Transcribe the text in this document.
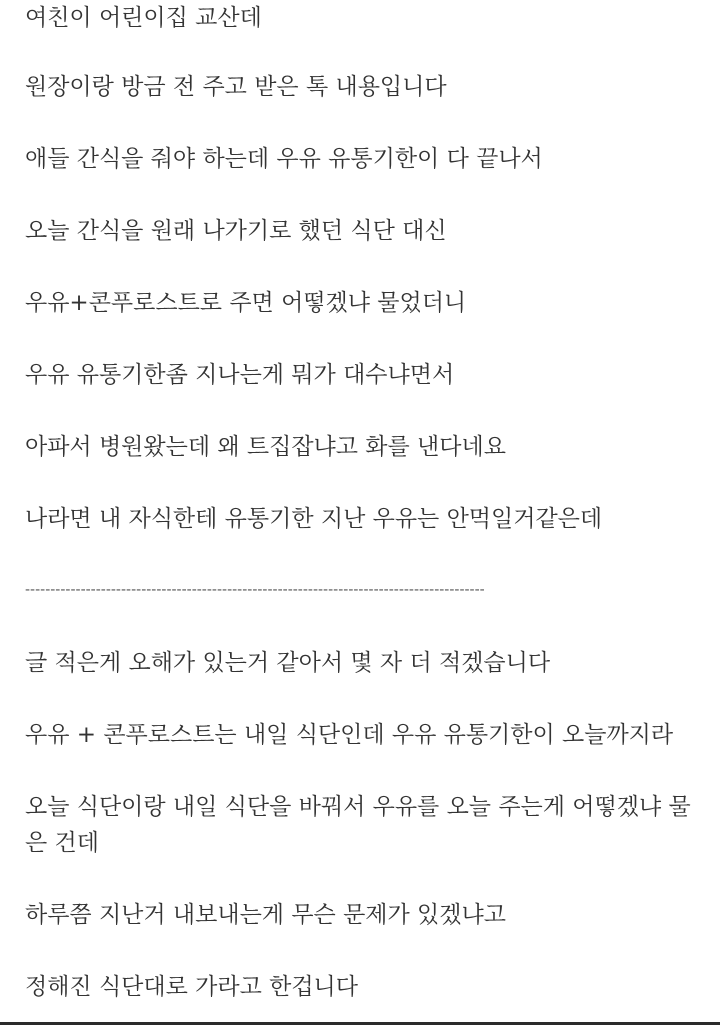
여친이 어린이집 교산데
원장이랑 방금 전 주고 받은 톡 내용입니다
애들 간식을 줘야 하는데 우유 유통기한이 다 끝나서
오늘 간식을 원래 나가기로 했던 식단 대신
우유+콘푸로스트로 주면 어떻겠냐 물었더니
우유 유통기한좀 지나는게 뭐가 대수냐면서
아파서 병원왔는데 왜 트집잡냐고 화를 낸다네요
나라면 내 자식한테 유통기한 지난 우유는 안먹일거같은데
-------------------------------------------------------------------------------------------
글 적은게 오해가 있는거 같아서 몇 자 더 적겠습니다
우유 + 콘푸로스트는 내일 식단인데 우유 유통기한이 오늘까지라
오늘 식단이랑 내일 식단을 바꿔서 우유를 오늘 주는게 어떻겠냐 물은 건데
하루쯤 지난거 내보내는게 무슨 문제가 있겠냐고
정해진 식단대로 가라고 한겁니다
